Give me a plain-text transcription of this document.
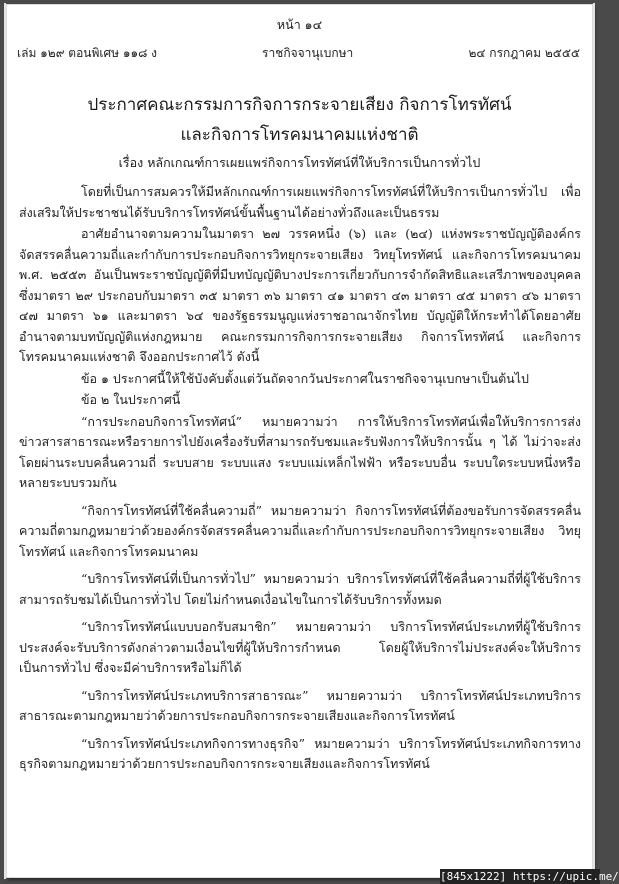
หน้า ๑๔
เล่ม ๑๒๙ ตอนพิเศษ ๑๑๘ ง	ราชกิจจานุเบกษา	๒๔ กรกฎาคม ๒๕๕๕
ประกาศคณะกรรมการกิจการกระจายเสียง กิจการโทรทัศน์
และกิจการโทรคมนาคมแห่งชาติ
เรื่อง หลักเกณฑ์การเผยแพร่กิจการโทรทัศน์ที่ให้บริการเป็นการทั่วไป

โดยที่เป็นการสมควรให้มีหลักเกณฑ์การเผยแพร่กิจการโทรทัศน์ที่ให้บริการเป็นการทั่วไป เพื่อส่งเสริมให้ประชาชนได้รับบริการโทรทัศน์ขั้นพื้นฐานได้อย่างทั่วถึงและเป็นธรรม

อาศัยอำนาจตามความในมาตรา ๒๗ วรรคหนึ่ง (๖) และ (๒๔) แห่งพระราชบัญญัติองค์กรจัดสรรคลื่นความถี่และกำกับการประกอบกิจการวิทยุกระจายเสียง วิทยุโทรทัศน์ และกิจการโทรคมนาคม พ.ศ. ๒๕๕๓ อันเป็นพระราชบัญญัติที่มีบทบัญญัติบางประการเกี่ยวกับการจำกัดสิทธิและเสรีภาพของบุคคล ซึ่งมาตรา ๒๙ ประกอบกับมาตรา ๓๕ มาตรา ๓๖ มาตรา ๔๑ มาตรา ๔๓ มาตรา ๔๕ มาตรา ๔๖ มาตรา ๔๗ มาตรา ๖๑ และมาตรา ๖๔ ของรัฐธรรมนูญแห่งราชอาณาจักรไทย บัญญัติให้กระทำได้โดยอาศัยอำนาจตามบทบัญญัติแห่งกฎหมาย คณะกรรมการกิจการกระจายเสียง กิจการโทรทัศน์ และกิจการโทรคมนาคมแห่งชาติ จึงออกประกาศไว้ ดังนี้

ข้อ ๑ ประกาศนี้ให้ใช้บังคับตั้งแต่วันถัดจากวันประกาศในราชกิจจานุเบกษาเป็นต้นไป

ข้อ ๒ ในประกาศนี้

“การประกอบกิจการโทรทัศน์” หมายความว่า การให้บริการโทรทัศน์เพื่อให้บริการการส่งข่าวสารสาธารณะหรือรายการไปยังเครื่องรับที่สามารถรับชมและรับฟังการให้บริการนั้น ๆ ได้ ไม่ว่าจะส่งโดยผ่านระบบคลื่นความถี่ ระบบสาย ระบบแสง ระบบแม่เหล็กไฟฟ้า หรือระบบอื่น ระบบใดระบบหนึ่งหรือหลายระบบรวมกัน

“กิจการโทรทัศน์ที่ใช้คลื่นความถี่” หมายความว่า กิจการโทรทัศน์ที่ต้องขอรับการจัดสรรคลื่นความถี่ตามกฎหมายว่าด้วยองค์กรจัดสรรคลื่นความถี่และกำกับการประกอบกิจการวิทยุกระจายเสียง วิทยุโทรทัศน์ และกิจการโทรคมนาคม

“บริการโทรทัศน์ที่เป็นการทั่วไป” หมายความว่า บริการโทรทัศน์ที่ใช้คลื่นความถี่ที่ผู้ใช้บริการสามารถรับชมได้เป็นการทั่วไป โดยไม่กำหนดเงื่อนไขในการได้รับบริการทั้งหมด

“บริการโทรทัศน์แบบบอกรับสมาชิก” หมายความว่า บริการโทรทัศน์ประเภทที่ผู้ใช้บริการประสงค์จะรับบริการดังกล่าวตามเงื่อนไขที่ผู้ให้บริการกำหนด โดยผู้ให้บริการไม่ประสงค์จะให้บริการเป็นการทั่วไป ซึ่งจะมีค่าบริการหรือไม่ก็ได้

“บริการโทรทัศน์ประเภทบริการสาธารณะ” หมายความว่า บริการโทรทัศน์ประเภทบริการสาธารณะตามกฎหมายว่าด้วยการประกอบกิจการกระจายเสียงและกิจการโทรทัศน์

“บริการโทรทัศน์ประเภทกิจการทางธุรกิจ” หมายความว่า บริการโทรทัศน์ประเภทกิจการทางธุรกิจตามกฎหมายว่าด้วยการประกอบกิจการกระจายเสียงและกิจการโทรทัศน์

[845x1222] https://upic.me/
